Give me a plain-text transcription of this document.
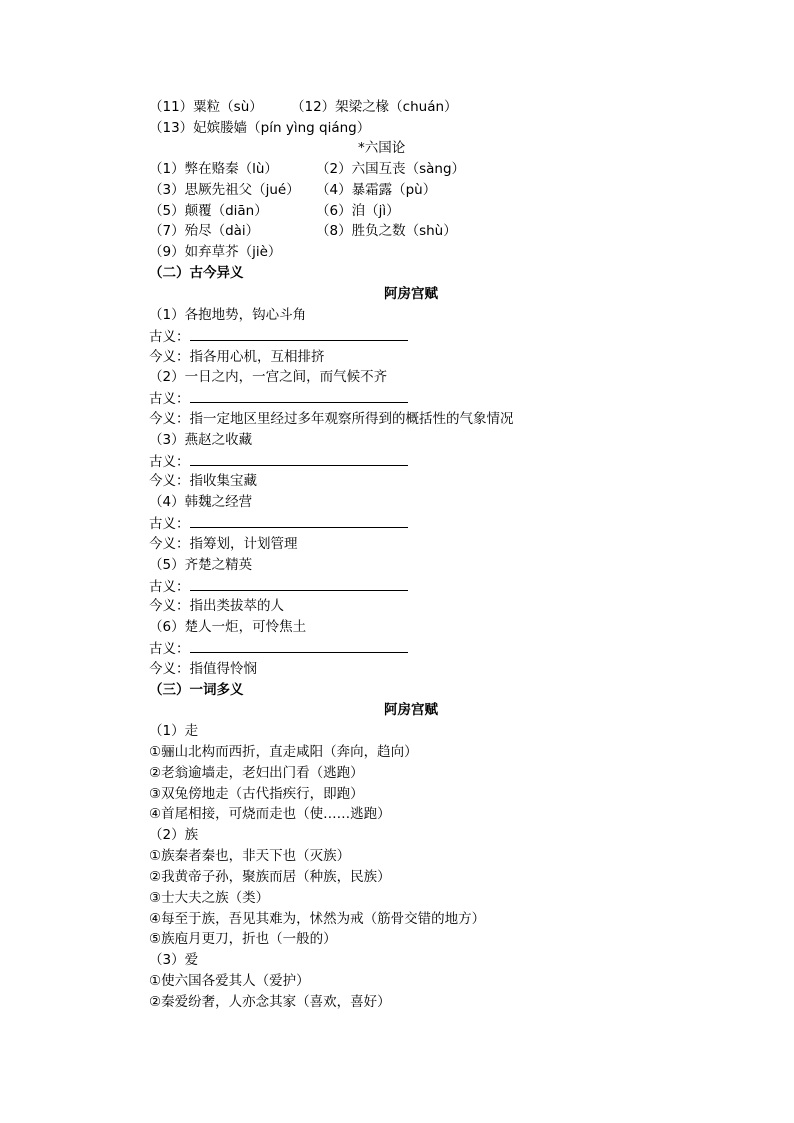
（11）粟粒（sù） （12）架梁之椽（chuán）
（13）妃嫔媵嫱（pín yìng qiáng）
*六国论
（1）弊在赂秦（lù）	（2）六国互丧（sàng）
（3）思厥先祖父（jué） （4）暴霜露（pù）
（5）颠覆（diān）	（6）洎（jì）
（7）殆尽（dài）	（8）胜负之数（shù）
（9）如弃草芥（jiè）
（二）古今异义
阿房宫赋
（1）各抱地势，钩心斗角
古义：
今义：指各用心机，互相排挤
（2）一日之内，一宫之间，而气候不齐
古义：
今义：指一定地区里经过多年观察所得到的概括性的气象情况
（3）燕赵之收藏
古义：
今义：指收集宝藏
（4）韩魏之经营
古义：
今义：指筹划，计划管理
（5）齐楚之精英
古义：
今义：指出类拔萃的人
（6）楚人一炬，可怜焦土
古义：
今义：指值得怜悯
（三）一词多义
阿房宫赋
（1）走
①骊山北构而西折，直走咸阳（奔向，趋向）
②老翁逾墙走，老妇出门看（逃跑）
③双兔傍地走（古代指疾行，即跑）
④首尾相接，可烧而走也（使……逃跑）
（2）族
①族秦者秦也，非天下也（灭族）
②我黄帝子孙，聚族而居（种族，民族）
③士大夫之族（类）
④每至于族，吾见其难为，怵然为戒（筋骨交错的地方）
⑤族庖月更刀，折也（一般的）
（3）爱
①使六国各爱其人（爱护）
②秦爱纷奢，人亦念其家（喜欢，喜好）
